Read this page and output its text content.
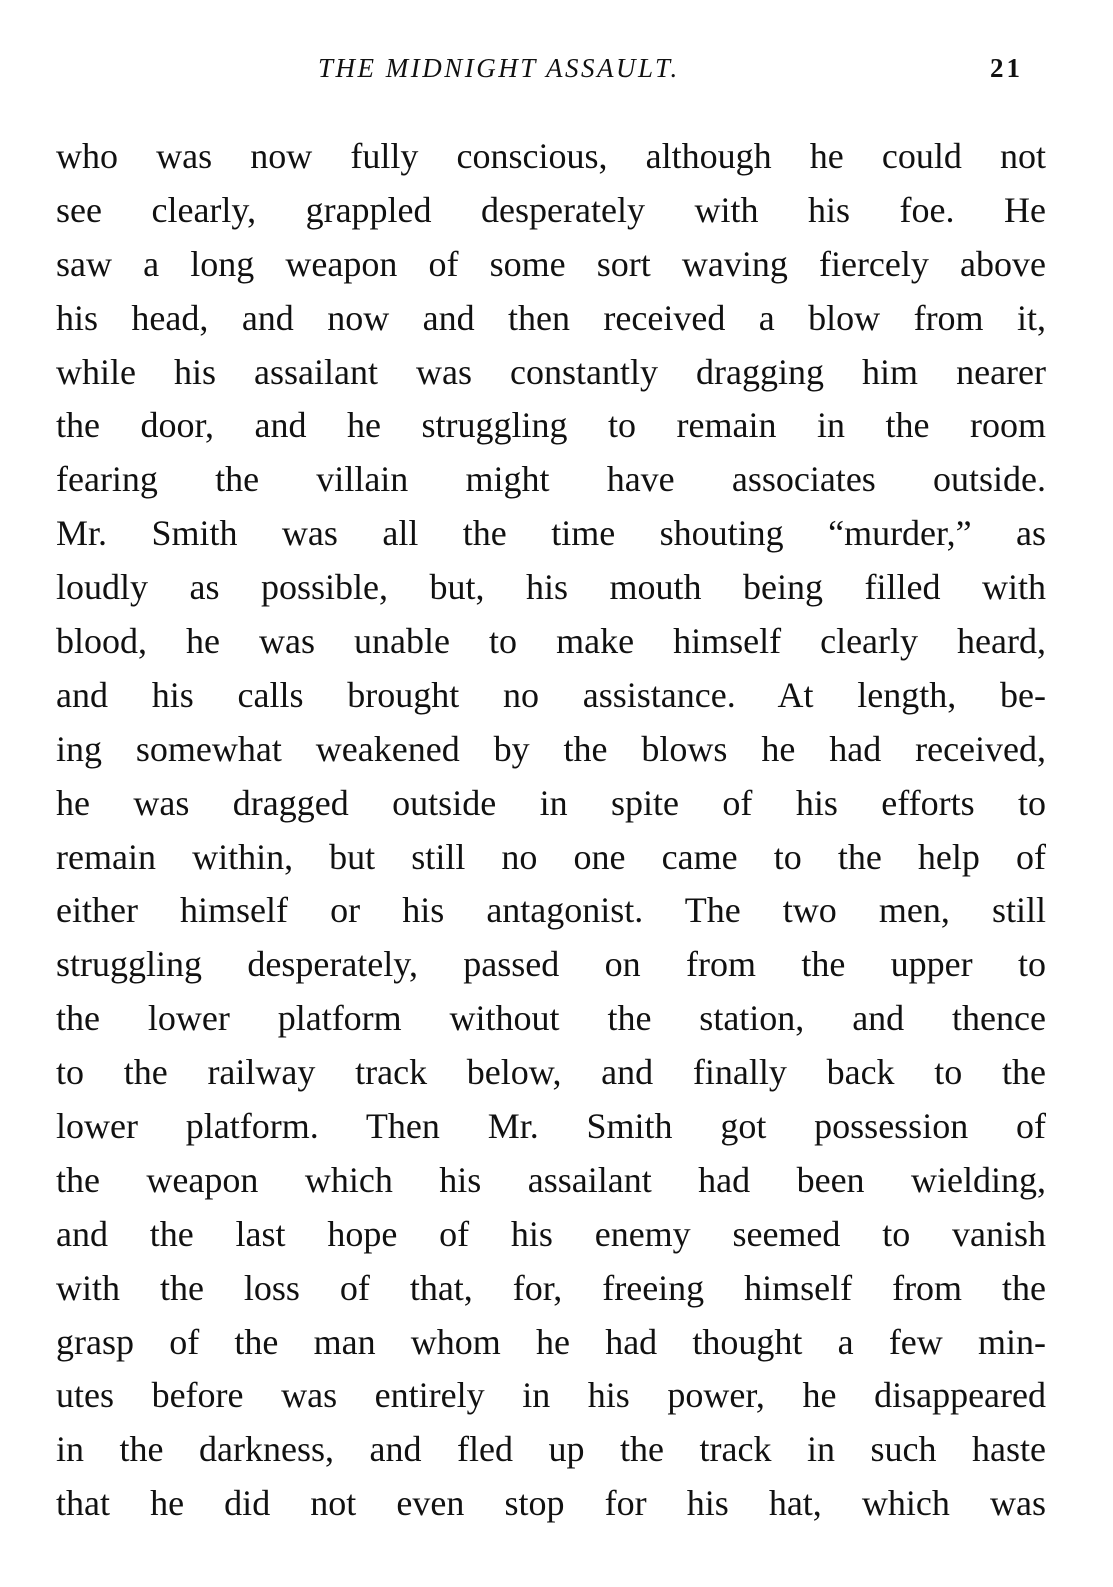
THE MIDNIGHT ASSAULT.	21
who was now fully conscious, although he could not
see clearly, grappled desperately with his foe. He
saw a long weapon of some sort waving fiercely above
his head, and now and then received a blow from it,
while his assailant was constantly dragging him nearer
the door, and he struggling to remain in the room
fearing the villain might have associates outside.
Mr. Smith was all the time shouting “murder,” as
loudly as possible, but, his mouth being filled with
blood, he was unable to make himself clearly heard,
and his calls brought no assistance. At length, be-
ing somewhat weakened by the blows he had received,
he was dragged outside in spite of his efforts to
remain within, but still no one came to the help of
either himself or his antagonist. The two men, still
struggling desperately, passed on from the upper to
the lower platform without the station, and thence
to the railway track below, and finally back to the
lower platform. Then Mr. Smith got possession of
the weapon which his assailant had been wielding,
and the last hope of his enemy seemed to vanish
with the loss of that, for, freeing himself from the
grasp of the man whom he had thought a few min-
utes before was entirely in his power, he disappeared
in the darkness, and fled up the track in such haste
that he did not even stop for his hat, which was
